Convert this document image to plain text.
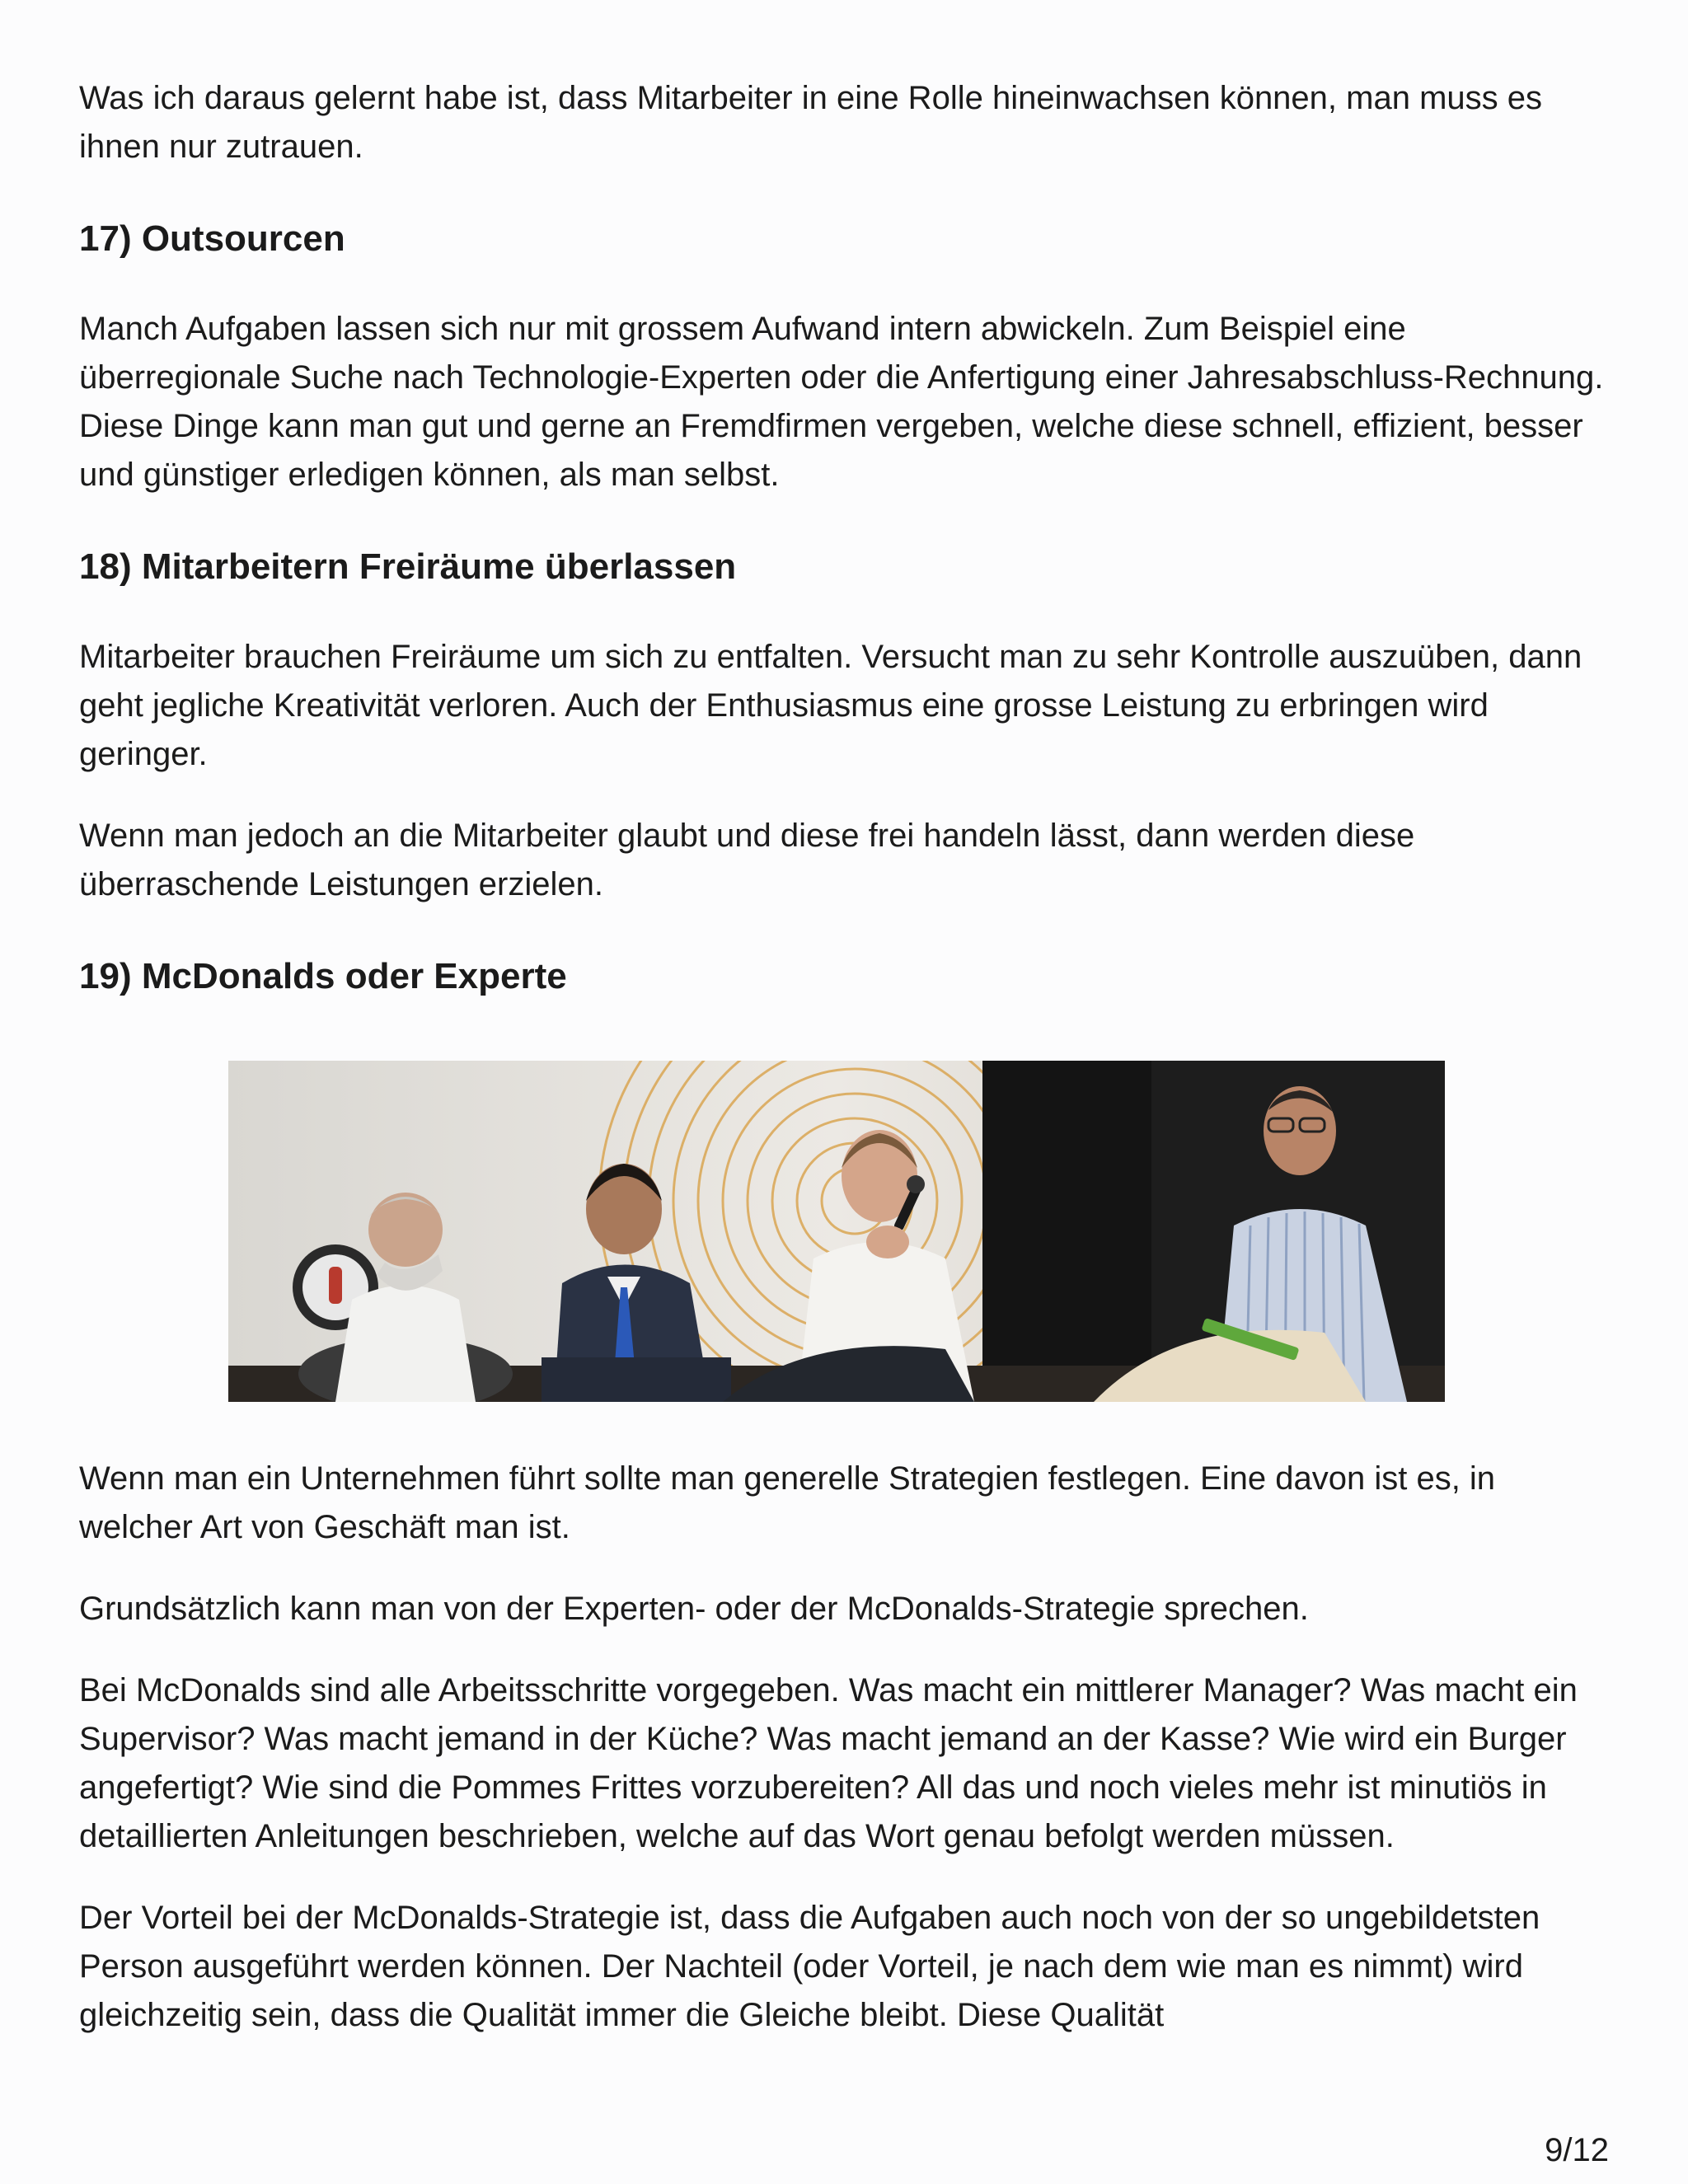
Was ich daraus gelernt habe ist, dass Mitarbeiter in eine Rolle hineinwachsen können, man muss es ihnen nur zutrauen.

17) Outsourcen

Manch Aufgaben lassen sich nur mit grossem Aufwand intern abwickeln. Zum Beispiel eine überregionale Suche nach Technologie-Experten oder die Anfertigung einer Jahresabschluss-Rechnung. Diese Dinge kann man gut und gerne an Fremdfirmen vergeben, welche diese schnell, effizient, besser und günstiger erledigen können, als man selbst.

18) Mitarbeitern Freiräume überlassen

Mitarbeiter brauchen Freiräume um sich zu entfalten. Versucht man zu sehr Kontrolle auszuüben, dann geht jegliche Kreativität verloren. Auch der Enthusiasmus eine grosse Leistung zu erbringen wird geringer.

Wenn man jedoch an die Mitarbeiter glaubt und diese frei handeln lässt, dann werden diese überraschende Leistungen erzielen.

19) McDonalds oder Experte

Wenn man ein Unternehmen führt sollte man generelle Strategien festlegen. Eine davon ist es, in welcher Art von Geschäft man ist.

Grundsätzlich kann man von der Experten- oder der McDonalds-Strategie sprechen.

Bei McDonalds sind alle Arbeitsschritte vorgegeben. Was macht ein mittlerer Manager? Was macht ein Supervisor? Was macht jemand in der Küche? Was macht jemand an der Kasse? Wie wird ein Burger angefertigt? Wie sind die Pommes Frittes vorzubereiten? All das und noch vieles mehr ist minutiös in detaillierten Anleitungen beschrieben, welche auf das Wort genau befolgt werden müssen.

Der Vorteil bei der McDonalds-Strategie ist, dass die Aufgaben auch noch von der so ungebildetsten Person ausgeführt werden können. Der Nachteil (oder Vorteil, je nach dem wie man es nimmt) wird gleichzeitig sein, dass die Qualität immer die Gleiche bleibt. Diese Qualität

9/12
